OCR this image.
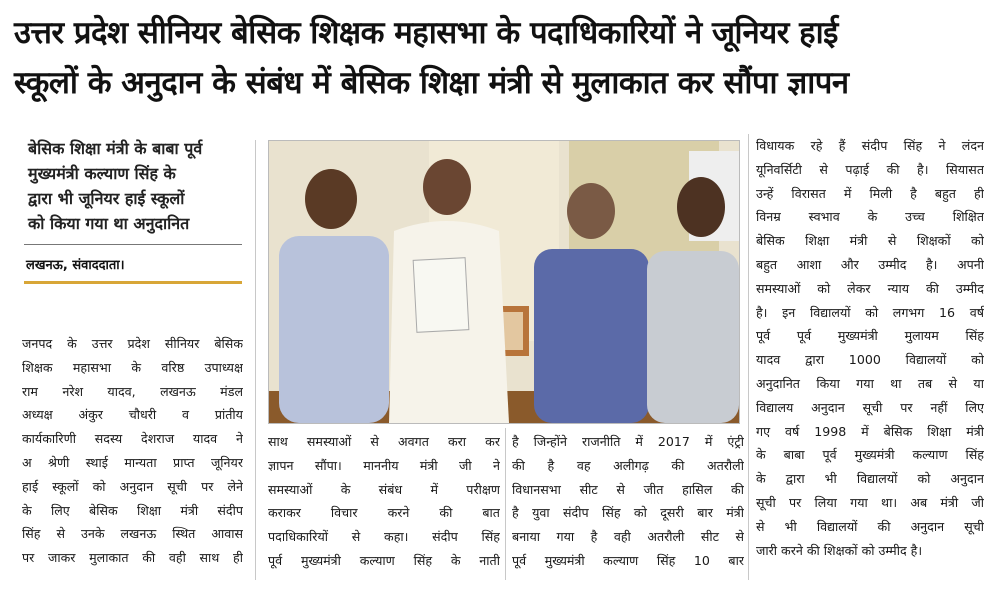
उत्तर प्रदेश सीनियर बेसिक शिक्षक महासभा के पदाधिकारियों ने जूनियर हाई
स्कूलों के अनुदान के संबंध में बेसिक शिक्षा मंत्री से मुलाकात कर सौंपा ज्ञापन
बेसिक शिक्षा मंत्री के बाबा पूर्व
मुख्यमंत्री कल्याण सिंह के
द्वारा भी जूनियर हाई स्कूलों
को किया गया था अनुदानित
लखनऊ, संवाददाता।
जनपद के उत्तर प्रदेश सीनियर बेसिक
शिक्षक महासभा के वरिष्ठ उपाध्यक्ष
राम नरेश यादव, लखनऊ मंडल
अध्यक्ष अंकुर चौधरी व प्रांतीय
कार्यकारिणी सदस्य देशराज यादव ने
अ श्रेणी स्थाई मान्यता प्राप्त जूनियर
हाई स्कूलों को अनुदान सूची पर लेने
के लिए बेसिक शिक्षा मंत्री संदीप
सिंह से उनके लखनऊ स्थित आवास
पर जाकर मुलाकात की वही साथ ही
साथ समस्याओं से अवगत करा कर
ज्ञापन सौंपा। माननीय मंत्री जी ने
समस्याओं के संबंध में परीक्षण
कराकर विचार करने की बात
पदाधिकारियों से कहा। संदीप सिंह
पूर्व मुख्यमंत्री कल्याण सिंह के नाती
है जिन्होंने राजनीति में 2017 में एंट्री
की है वह अलीगढ़ की अतरौली
विधानसभा सीट से जीत हासिल की
है युवा संदीप सिंह को दूसरी बार मंत्री
बनाया गया है वही अतरौली सीट से
पूर्व मुख्यमंत्री कल्याण सिंह 10 बार
विधायक रहे हैं संदीप सिंह ने लंदन
यूनिवर्सिटी से पढ़ाई की है। सियासत
उन्हें विरासत में मिली है बहुत ही
विनम्र स्वभाव के उच्च शिक्षित
बेसिक शिक्षा मंत्री से शिक्षकों को
बहुत आशा और उम्मीद है। अपनी
समस्याओं को लेकर न्याय की उम्मीद
है। इन विद्यालयों को लगभग 16 वर्ष
पूर्व पूर्व मुख्यमंत्री मुलायम सिंह
यादव द्वारा 1000 विद्यालयों को
अनुदानित किया गया था तब से या
विद्यालय अनुदान सूची पर नहीं लिए
गए वर्ष 1998 में बेसिक शिक्षा मंत्री
के बाबा पूर्व मुख्यमंत्री कल्याण सिंह
के द्वारा भी विद्यालयों को अनुदान
सूची पर लिया गया था। अब मंत्री जी
से भी विद्यालयों की अनुदान सूची
जारी करने की शिक्षकों को उम्मीद है।
